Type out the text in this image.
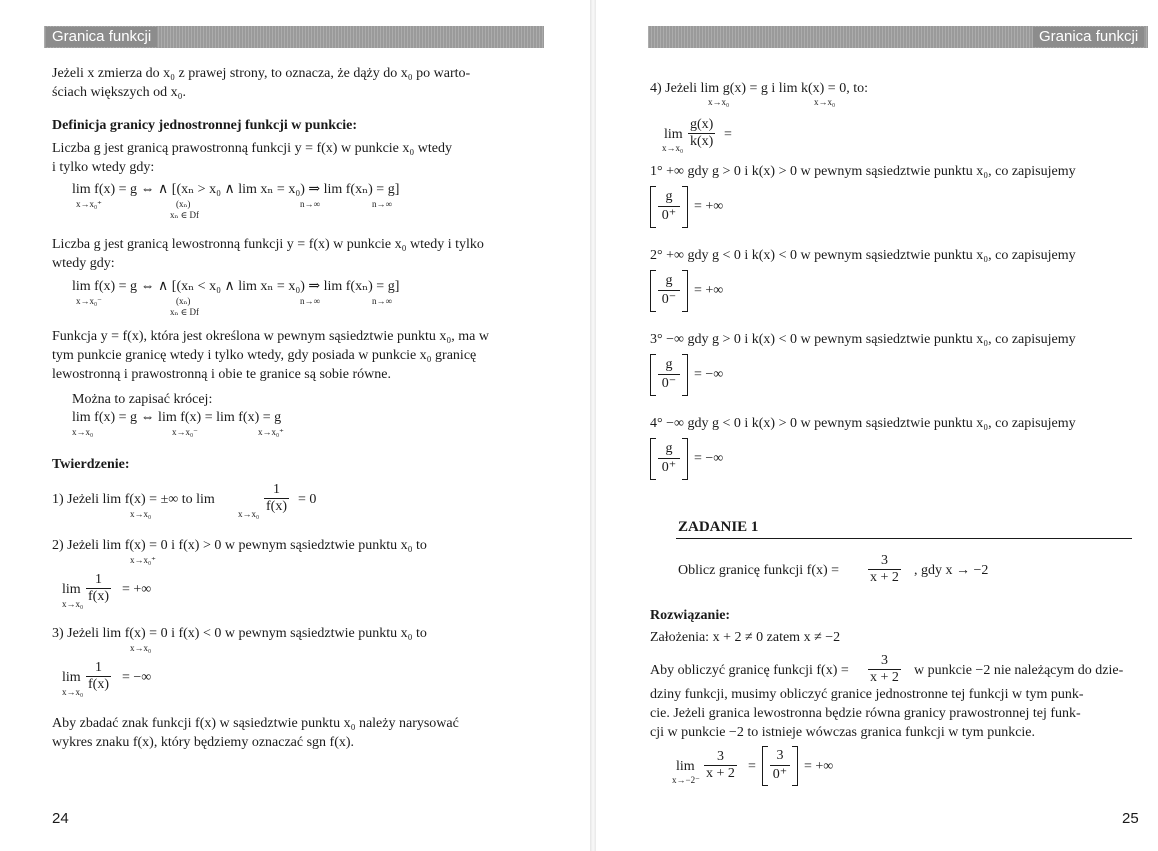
Granica funkcji
Jeżeli x zmierza do x₀ z prawej strony, to oznacza, że dąży do x₀ po warto-
ściach większych od x₀.
Definicja granicy jednostronnej funkcji w punkcie:
Liczba g jest granicą prawostronną funkcji y = f(x) w punkcie x₀ wtedy
i tylko wtedy gdy:
lim f(x) = g ⇔ ∧ [(xₙ > x₀ ∧ lim xₙ = x₀) ⇒ lim f(xₙ) = g]
x→x₀⁺	(xₙ)
xₙ ∈ Df
n→∞	n→∞
Liczba g jest granicą lewostronną funkcji y = f(x) w punkcie x₀ wtedy i tylko
wtedy gdy:
lim f(x) = g ⇔ ∧ [(xₙ < x₀ ∧ lim xₙ = x₀) ⇒ lim f(xₙ) = g]
x→x₀⁻	(xₙ)
xₙ ∈ Df
n→∞	n→∞
Funkcja y = f(x), która jest określona w pewnym sąsiedztwie punktu x₀, ma w
tym punkcie granicę wtedy i tylko wtedy, gdy posiada w punkcie x₀ granicę
lewostronną i prawostronną i obie te granice są sobie równe.
Można to zapisać krócej:
lim f(x) = g ⇔ lim f(x) = lim f(x) = g
x→x₀	x→x₀⁻	x→x₀⁺
Twierdzenie:
1) Jeżeli lim f(x) = ±∞ to lim
x→x₀	$x\to x_0 \frac{1}{f(x)} = 0$
2) Jeżeli lim f(x) = 0 i f(x) > 0 w pewnym sąsiedztwie punktu x₀ to
x→x₀⁺
lim
$x\to x_0 \frac{1}{f(x)}$ = +∞
3) Jeżeli lim f(x) = 0 i f(x) < 0 w pewnym sąsiedztwie punktu x₀ to
x→x₀
lim
$x\to x_0 \frac{1}{f(x)}$ = −∞
Aby zbadać znak funkcji f(x) w sąsiedztwie punktu x₀ należy narysować
wykres znaku f(x), który będziemy oznaczać sgn f(x).
24
Granica funkcji
4) Jeżeli lim g(x) = g i lim k(x) = 0, to:
x→x₀	x→x₀
lim
$x\to x_0 \frac{g(x)}{k(x)}$ =
1° +∞ gdy g > 0 i k(x) > 0 w pewnym sąsiedztwie punktu x₀, co zapisujemy
$\frac{g}{0^+}$ = +∞
2° +∞ gdy g < 0 i k(x) < 0 w pewnym sąsiedztwie punktu x₀, co zapisujemy
$\frac{g}{0^-}$ = +∞
3° −∞ gdy g > 0 i k(x) < 0 w pewnym sąsiedztwie punktu x₀, co zapisujemy
$\frac{g}{0^-}$ = −∞
4° −∞ gdy g < 0 i k(x) > 0 w pewnym sąsiedztwie punktu x₀, co zapisujemy
$\frac{g}{0^+}$ = −∞
ZADANIE 1
Oblicz granicę funkcji $f(x) = \frac{3}{x + 2}$ , gdy x → −2
Rozwiązanie:
Założenia: x + 2 ≠ 0 zatem x ≠ −2
Aby obliczyć granicę funkcji $f(x) = \frac{3}{x + 2}$ w punkcie −2 nie należącym do dzie-
dziny funkcji, musimy obliczyć granice jednostronne tej funkcji w tym punk-
cie. Jeżeli granica lewostronna będzie równa granicy prawostronnej tej funk-
cji w punkcie −2 to istnieje wówczas granica funkcji w tym punkcie.
lim
$x\to-2^- \frac{3}{x + 2} = \frac{3}{0^+}$ = +∞
25
